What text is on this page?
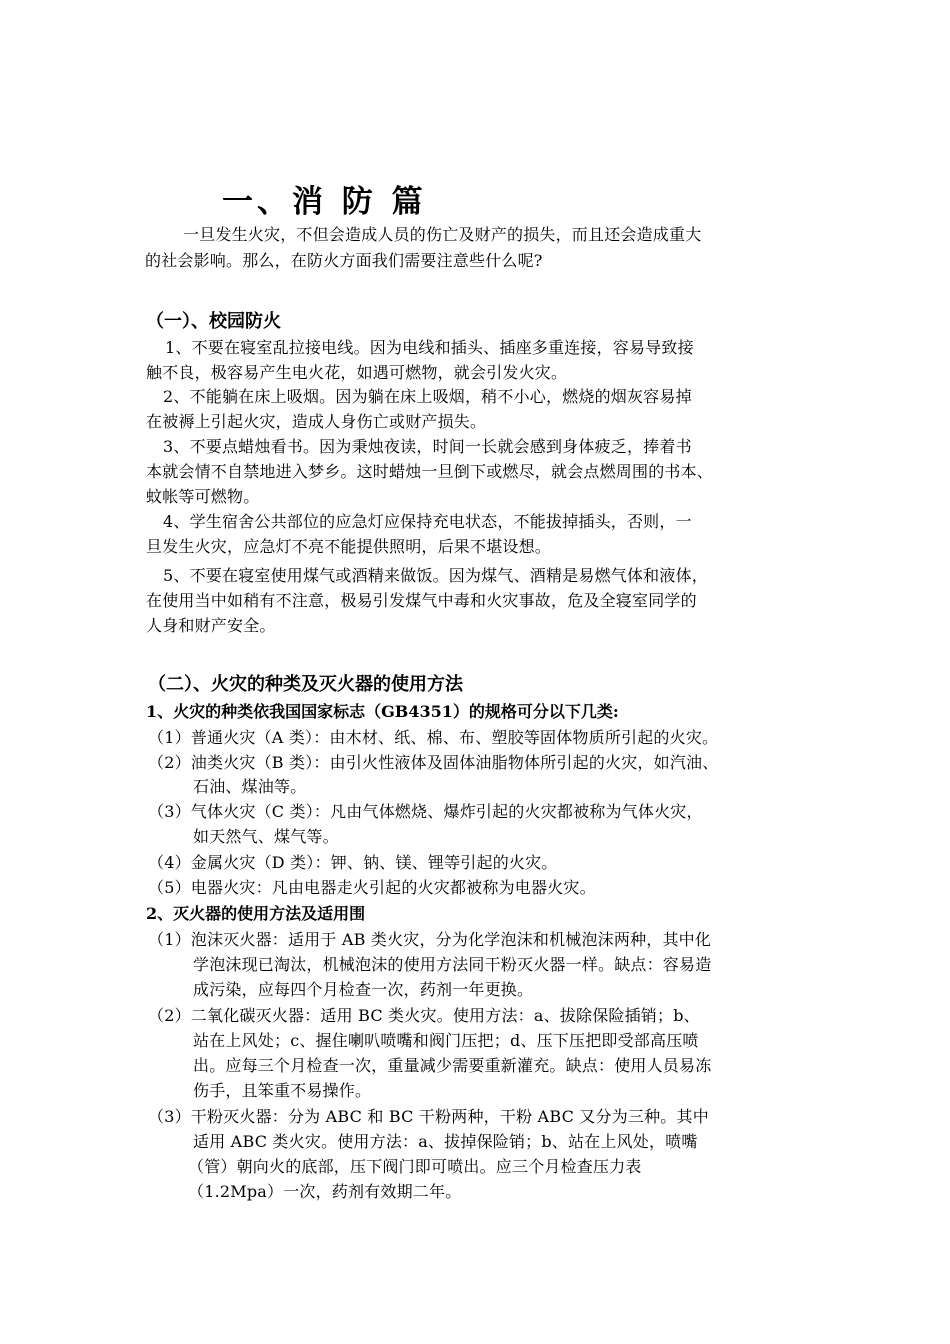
一、消 防 篇
一旦发生火灾，不但会造成人员的伤亡及财产的损失，而且还会造成重大
的社会影响。那么，在防火方面我们需要注意些什么呢?
（一）、校园防火
1、不要在寝室乱拉接电线。因为电线和插头、插座多重连接，容易导致接
触不良，极容易产生电火花，如遇可燃物，就会引发火灾。
2、不能躺在床上吸烟。因为躺在床上吸烟，稍不小心，燃烧的烟灰容易掉
在被褥上引起火灾，造成人身伤亡或财产损失。
3、不要点蜡烛看书。因为秉烛夜读，时间一长就会感到身体疲乏，捧着书
本就会情不自禁地进入梦乡。这时蜡烛一旦倒下或燃尽，就会点燃周围的书本、
蚊帐等可燃物。
4、学生宿舍公共部位的应急灯应保持充电状态，不能拔掉插头，否则，一
旦发生火灾，应急灯不亮不能提供照明，后果不堪设想。
5、不要在寝室使用煤气或酒精来做饭。因为煤气、酒精是易燃气体和液体，
在使用当中如稍有不注意，极易引发煤气中毒和火灾事故，危及全寝室同学的
人身和财产安全。
（二）、火灾的种类及灭火器的使用方法
1、火灾的种类依我国国家标志（GB4351）的规格可分以下几类:
（1）普通火灾（A 类）：由木材、纸、棉、布、塑胶等固体物质所引起的火灾。
（2）油类火灾（B 类）：由引火性液体及固体油脂物体所引起的火灾，如汽油、
石油、煤油等。
（3）气体火灾（C 类）：凡由气体燃烧、爆炸引起的火灾都被称为气体火灾，
如天然气、煤气等。
（4）金属火灾（D 类）：钾、钠、镁、锂等引起的火灾。
（5）电器火灾：凡由电器走火引起的火灾都被称为电器火灾。
2、灭火器的使用方法及适用围
（1）泡沫灭火器：适用于 AB 类火灾，分为化学泡沫和机械泡沫两种，其中化
学泡沫现已淘汰，机械泡沫的使用方法同干粉灭火器一样。缺点：容易造
成污染，应每四个月检查一次，药剂一年更换。
（2）二氧化碳灭火器：适用 BC 类火灾。使用方法：a、拔除保险插销；b、
站在上风处；c、握住喇叭喷嘴和阀门压把；d、压下压把即受部高压喷
出。应每三个月检查一次，重量减少需要重新灌充。缺点：使用人员易冻
伤手，且笨重不易操作。
（3）干粉灭火器：分为 ABC 和 BC 干粉两种，干粉 ABC 又分为三种。其中
适用 ABC 类火灾。使用方法：a、拔掉保险销；b、站在上风处，喷嘴
（管）朝向火的底部，压下阀门即可喷出。应三个月检查压力表
（1.2Mpa）一次，药剂有效期二年。
